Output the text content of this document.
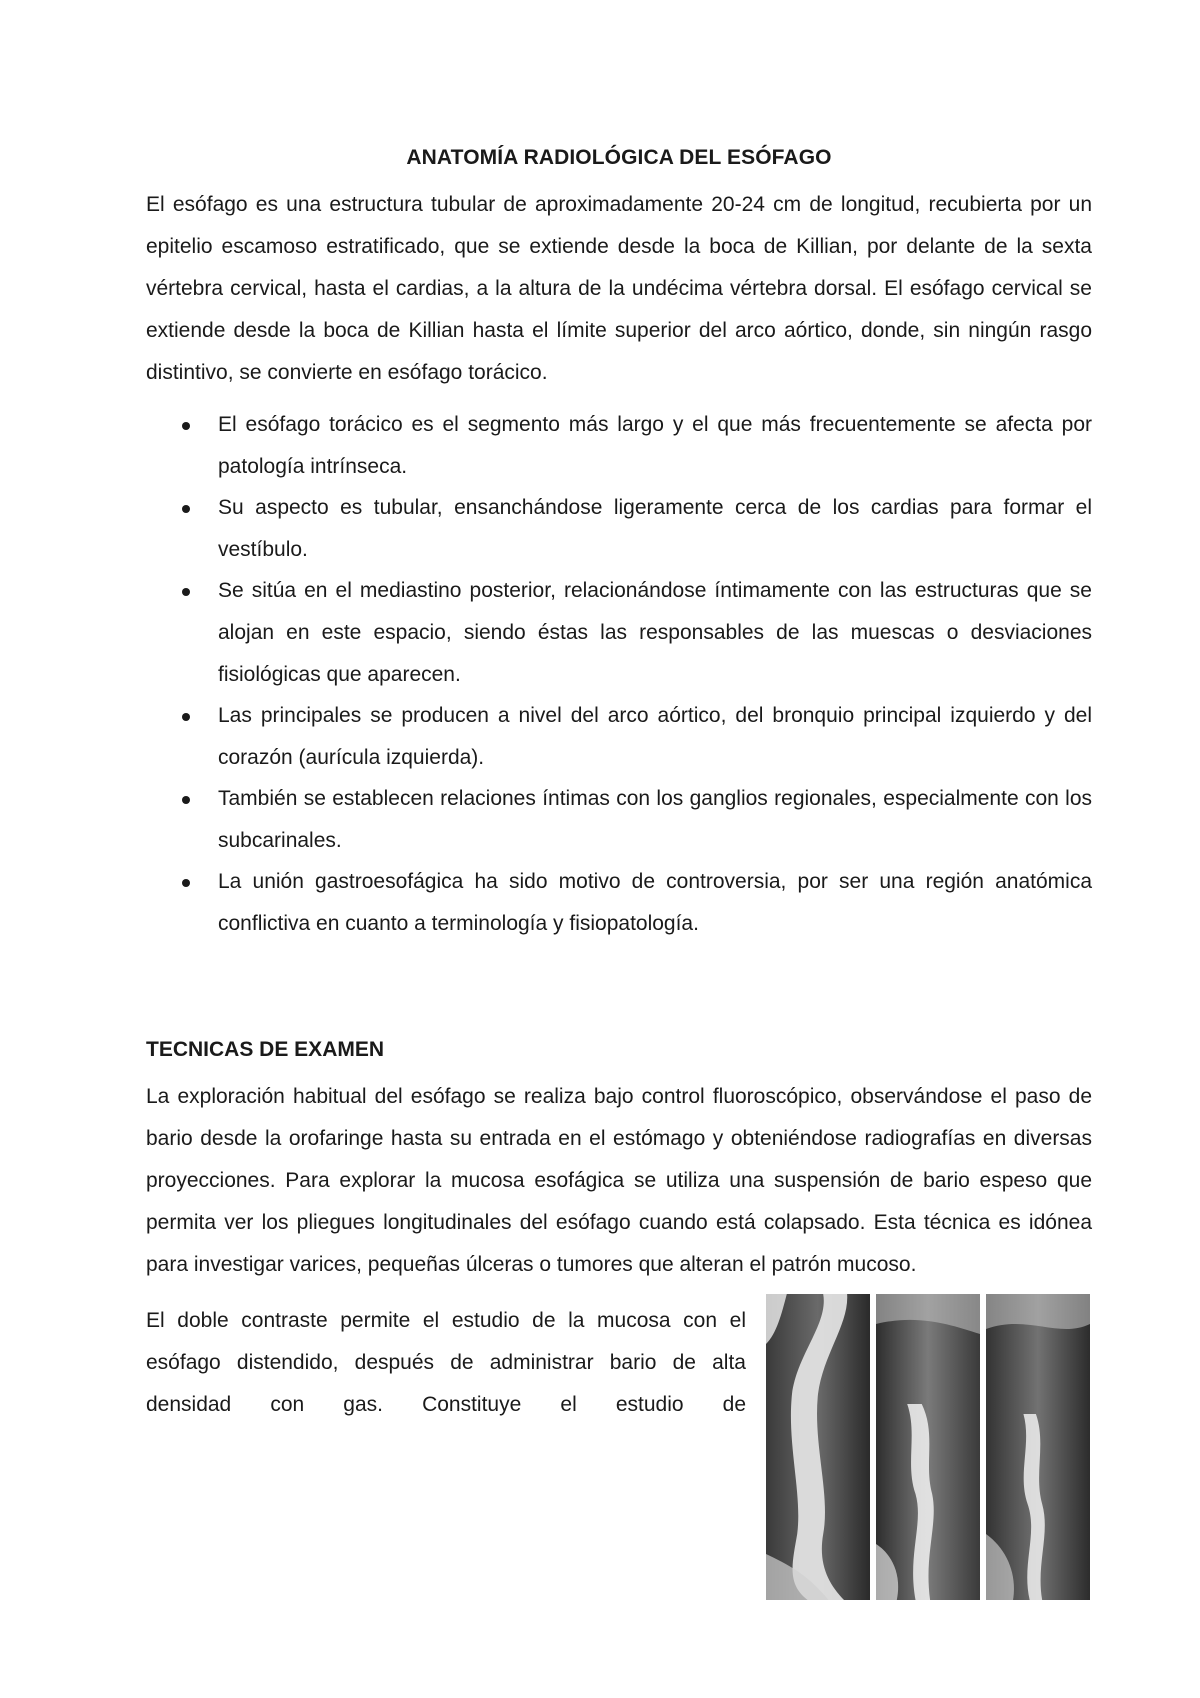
ANATOMÍA RADIOLÓGICA DEL ESÓFAGO

El esófago es una estructura tubular de aproximadamente 20-24 cm de longitud, recubierta por un epitelio escamoso estratificado, que se extiende desde la boca de Killian, por delante de la sexta vértebra cervical, hasta el cardias, a la altura de la undécima vértebra dorsal. El esófago cervical se extiende desde la boca de Killian hasta el límite superior del arco aórtico, donde, sin ningún rasgo distintivo, se convierte en esófago torácico.

El esófago torácico es el segmento más largo y el que más frecuentemente se afecta por patología intrínseca.
Su aspecto es tubular, ensanchándose ligeramente cerca de los cardias para formar el vestíbulo.
Se sitúa en el mediastino posterior, relacionándose íntimamente con las estructuras que se alojan en este espacio, siendo éstas las responsables de las muescas o desviaciones fisiológicas que aparecen.
Las principales se producen a nivel del arco aórtico, del bronquio principal izquierdo y del corazón (aurícula izquierda).
También se establecen relaciones íntimas con los ganglios regionales, especialmente con los subcarinales.
La unión gastroesofágica ha sido motivo de controversia, por ser una región anatómica conflictiva en cuanto a terminología y fisiopatología.
TECNICAS DE EXAMEN

La exploración habitual del esófago se realiza bajo control fluoroscópico, observándose el paso de bario desde la orofaringe hasta su entrada en el estómago y obteniéndose radiografías en diversas proyecciones. Para explorar la mucosa esofágica se utiliza una suspensión de bario espeso que permita ver los pliegues longitudinales del esófago cuando está colapsado. Esta técnica es idónea para investigar varices, pequeñas úlceras o tumores que alteran el patrón mucoso.

El doble contraste permite el estudio de la mucosa con el esófago distendido, después de administrar bario de alta densidad con gas. Constituye el estudio de
